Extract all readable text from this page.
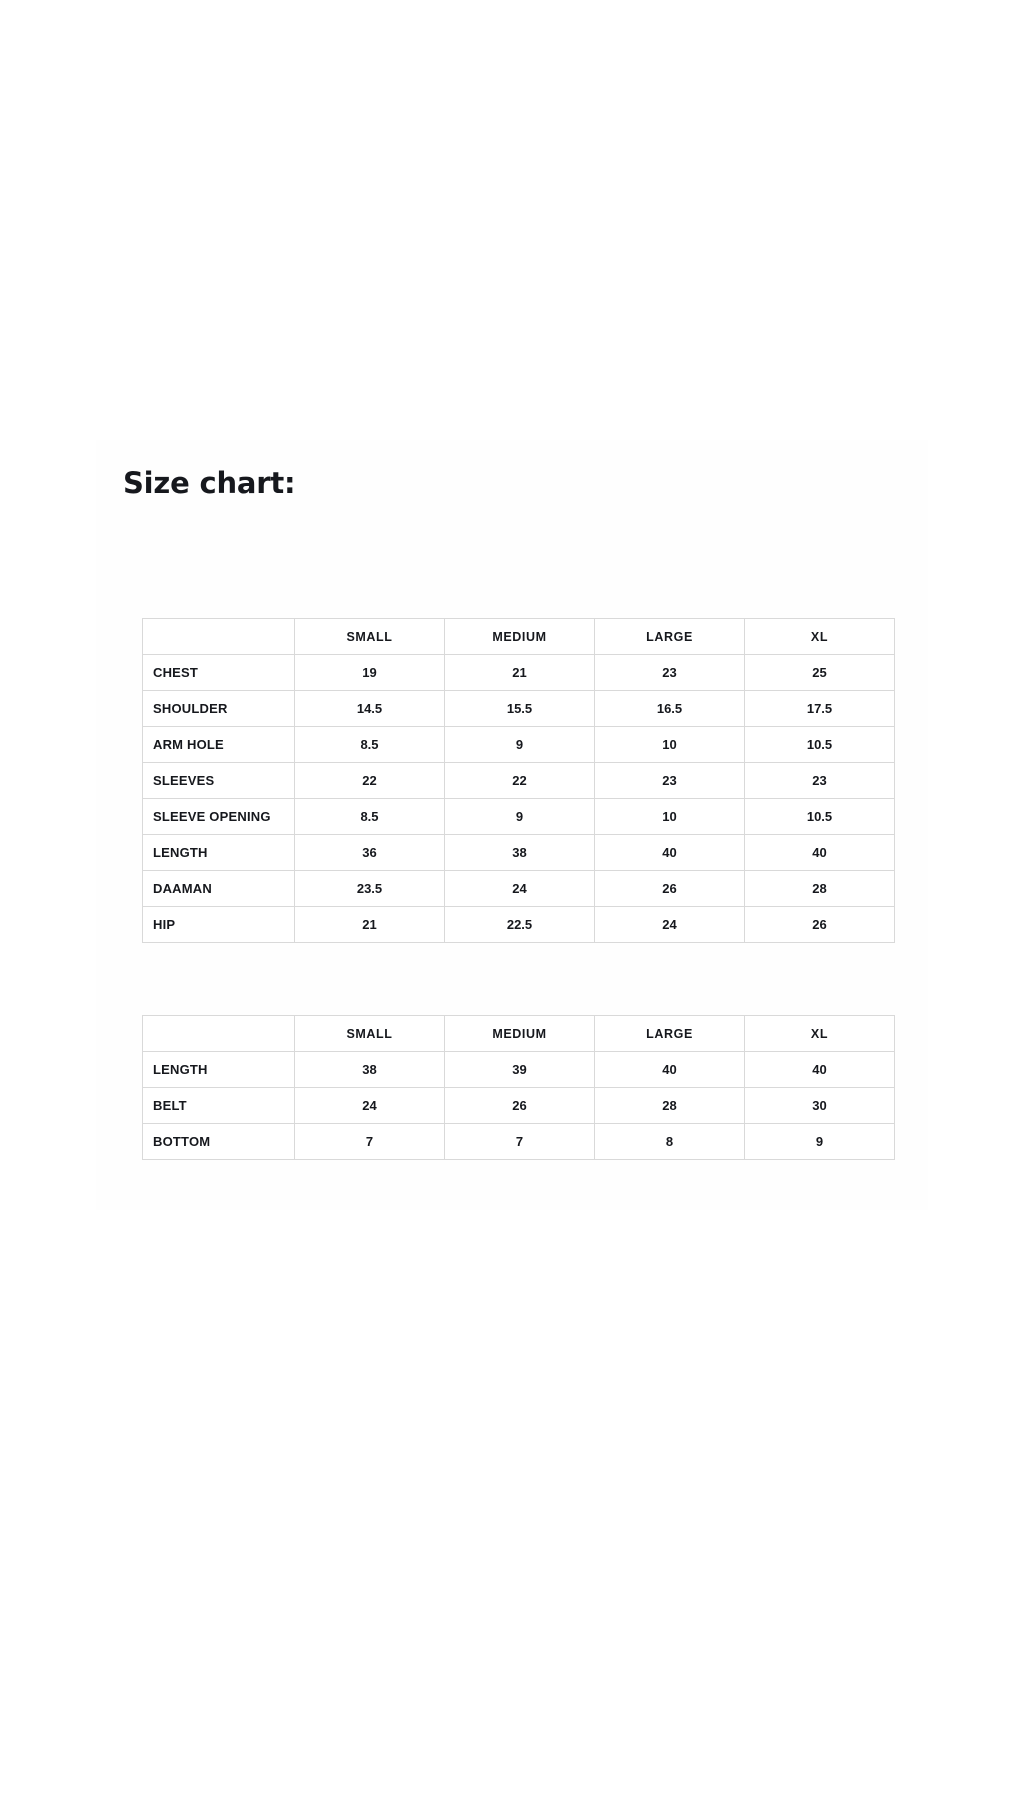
Size chart:
	SMALL	MEDIUM	LARGE	XL
CHEST	19	21	23	25
SHOULDER	14.5	15.5	16.5	17.5
ARM HOLE	8.5	9	10	10.5
SLEEVES	22	22	23	23
SLEEVE OPENING	8.5	9	10	10.5
LENGTH	36	38	40	40
DAAMAN	23.5	24	26	28
HIP	21	22.5	24	26
	SMALL	MEDIUM	LARGE	XL
LENGTH	38	39	40	40
BELT	24	26	28	30
BOTTOM	7	7	8	9
